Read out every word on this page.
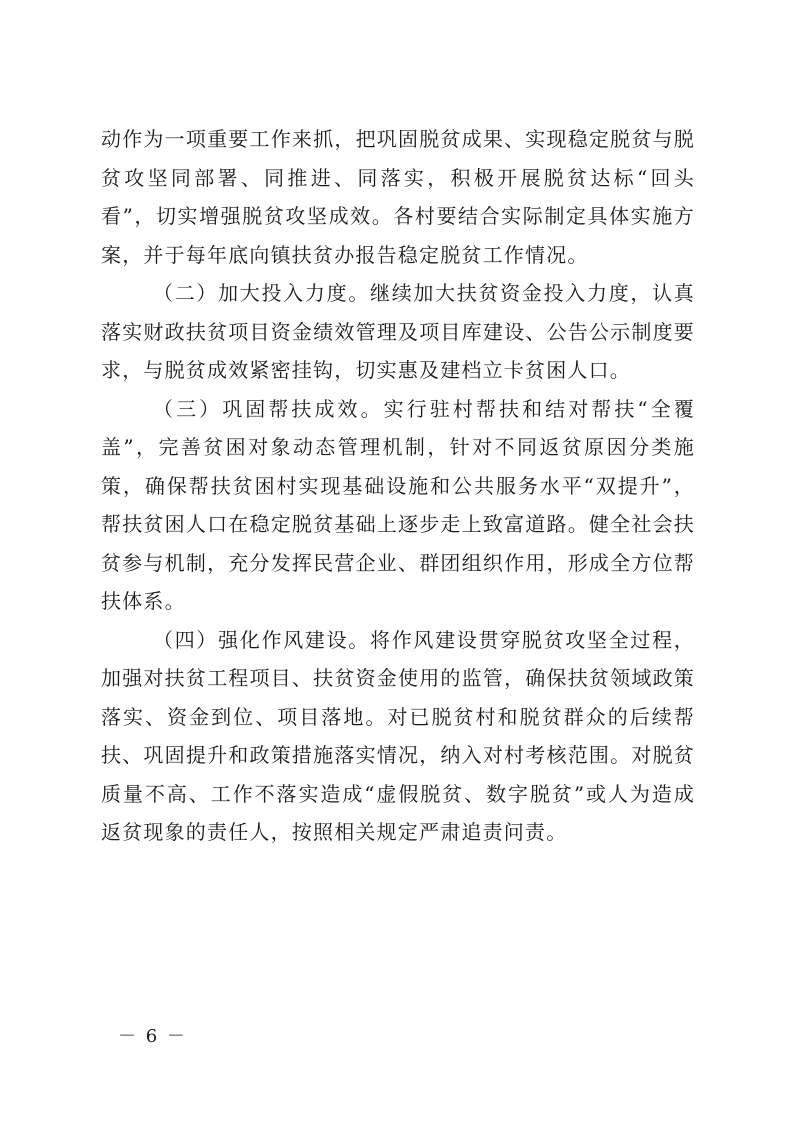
动作为一项重要工作来抓，把巩固脱贫成果、实现稳定脱贫与脱贫攻坚同部署、同推进、同落实，积极开展脱贫达标“回头看”，切实增强脱贫攻坚成效。各村要结合实际制定具体实施方案，并于每年底向镇扶贫办报告稳定脱贫工作情况。

（二）加大投入力度。继续加大扶贫资金投入力度，认真落实财政扶贫项目资金绩效管理及项目库建设、公告公示制度要求，与脱贫成效紧密挂钩，切实惠及建档立卡贫困人口。

（三）巩固帮扶成效。实行驻村帮扶和结对帮扶“全覆盖”，完善贫困对象动态管理机制，针对不同返贫原因分类施策，确保帮扶贫困村实现基础设施和公共服务水平“双提升”，帮扶贫困人口在稳定脱贫基础上逐步走上致富道路。健全社会扶贫参与机制，充分发挥民营企业、群团组织作用，形成全方位帮扶体系。

（四）强化作风建设。将作风建设贯穿脱贫攻坚全过程，加强对扶贫工程项目、扶贫资金使用的监管，确保扶贫领域政策落实、资金到位、项目落地。对已脱贫村和脱贫群众的后续帮扶、巩固提升和政策措施落实情况，纳入对村考核范围。对脱贫质量不高、工作不落实造成“虚假脱贫、数字脱贫”或人为造成返贫现象的责任人，按照相关规定严肃追责问责。

－ 6 －
